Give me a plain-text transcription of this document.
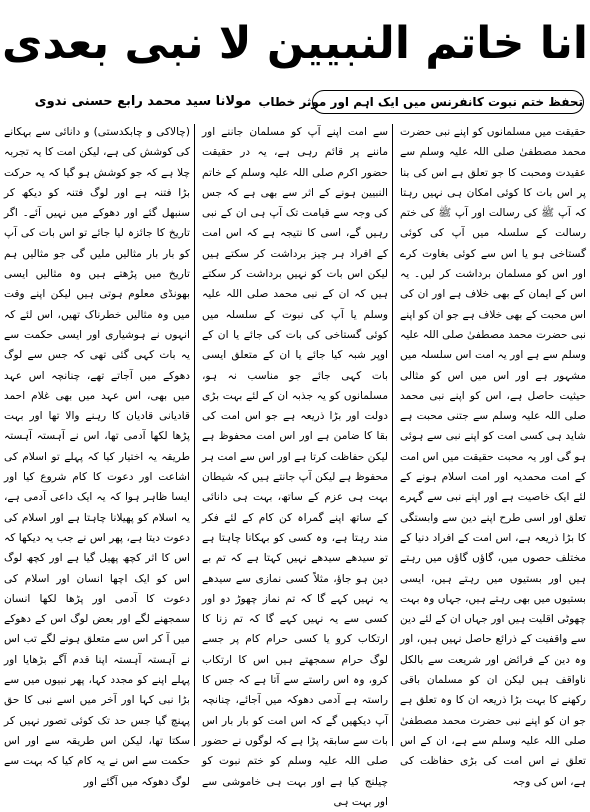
انا خاتم النبیین لا نبی بعدی
تحفظ ختم نبوت کانفرنس میں ایک اہم اور موثر خطاب
مولانا سید محمد رابع حسنی ندوی

حقیقت میں مسلمانوں کو اپنے نبی حضرت محمد مصطفیٰ صلی اللہ علیہ وسلم سے عقیدت ومحبت کا جو تعلق ہے اس کی بنا پر اس بات کا کوئی امکان ہی نہیں رہتا کہ آپ ﷺ کی رسالت اور آپ ﷺ کی ختم رسالت کے سلسلہ میں آپ کی کوئی گستاخی ہو یا اس سے کوئی بغاوت کرے اور اس کو مسلمان برداشت کر لیں۔ یہ اس کے ایمان کے بھی خلاف ہے اور ان کی اس محبت کے بھی خلاف ہے جو ان کو اپنے نبی حضرت محمد مصطفیٰ صلی اللہ علیہ وسلم سے ہے اور یہ امت اس سلسلہ میں مشہور ہے اور اس میں اس کو مثالی حیثیت حاصل ہے، اس کو اپنے نبی محمد صلی اللہ علیہ وسلم سے جتنی محبت ہے شاید ہی کسی امت کو اپنے نبی سے ہوئی ہو گی اور یہ محبت حقیقت میں اس امت کے امت محمدیہ اور امت اسلام ہونے کے لئے ایک خاصیت ہے اور اپنے نبی سے گہرے تعلق اور اسی طرح اپنے دین سے وابستگی کا بڑا ذریعہ ہے، اس امت کے افراد دنیا کے مختلف حصوں میں، گاؤں گاؤں میں رہتے ہیں اور بستیوں میں رہتے ہیں، ایسی بستیوں میں بھی رہتے ہیں، جہاں وہ بہت چھوٹی اقلیت ہیں اور جہاں ان کے لئے دین سے واقفیت کے ذرائع حاصل نہیں ہیں، اور وہ دین کے فرائض اور شریعت سے بالکل ناواقف ہیں لیکن ان کو مسلمان باقی رکھنے کا بہت بڑا ذریعہ ان کا وہ تعلق ہے جو ان کو اپنے نبی حضرت محمد مصطفیٰ صلی اللہ علیہ وسلم سے ہے، ان کے اس تعلق نے اس امت کی بڑی حفاظت کی ہے، اس کی وجہ

سے امت اپنے آپ کو مسلمان جاننے اور ماننے پر قائم رہی ہے، یہ در حقیقت حضور اکرم صلی اللہ علیہ وسلم کے خاتم النبیین ہونے کے اثر سے بھی ہے کہ جس کی وجہ سے قیامت تک آپ ہی ان کے نبی رہیں گے، اسی کا نتیجہ ہے کہ اس امت کے افراد ہر چیز برداشت کر سکتے ہیں لیکن اس بات کو نہیں برداشت کر سکتے ہیں کہ ان کے نبی محمد صلی اللہ علیہ وسلم یا آپ کی نبوت کے سلسلہ میں کوئی گستاخی کی بات کی جائے یا ان کے اوپر شبہ کیا جائے یا ان کے متعلق ایسی بات کہی جائے جو مناسب نہ ہو، مسلمانوں کو یہ جذبہ ان کے لئے بہت بڑی دولت اور بڑا ذریعہ ہے جو اس امت کی بقا کا ضامن ہے اور اس امت محفوظ ہے لیکن حفاظت کرتا ہے اور اس سے امت ہر محفوظ ہے لیکن آپ جانتے ہیں کہ شیطان بہت ہی عزم کے ساتھ، بہت ہی دانائی کے ساتھ اپنے گمراہ کن کام کے لئے فکر مند رہتا ہے، وہ کسی کو بہکانا چاہتا ہے تو سیدھے سیدھے نہیں کہتا ہے کہ تم بے دین ہو جاؤ، مثلاً کسی نمازی سے سیدھے یہ نہیں کہے گا کہ تم نماز چھوڑ دو اور کسی سے یہ نہیں کہے گا کہ تم زنا کا ارتکاب کرو یا کسی حرام کام پر جسے لوگ حرام سمجھتے ہیں اس کا ارتکاب کرو، وہ اس راستے سے آتا ہے کہ جس کا راستہ ہے آدمی دھوکہ میں آجائے، چنانچہ آپ دیکھیں گے کہ اس امت کو بار بار اس بات سے سابقہ پڑا ہے کہ لوگوں نے حضور صلی اللہ علیہ وسلم کو ختم نبوت کو چیلنج کیا ہے اور بہت ہی خاموشی سے اور بہت ہی

(چالاکی و چابکدستی) و دانائی سے بہکانے کی کوشش کی ہے، لیکن امت کا یہ تجربہ چلا ہے کہ جو کوشش ہو گیا کہ یہ حرکت بڑا فتنہ ہے اور لوگ فتنہ کو دیکھ کر سنبھل گئے اور دھوکے میں نہیں آئے۔ اگر تاریخ کا جائزہ لیا جائے تو اس بات کی آپ کو بار بار مثالیں ملیں گی جو مثالیں ہم تاریخ میں پڑھتے ہیں وہ مثالیں ایسی بھونڈی معلوم ہوتی ہیں لیکن اپنے وقت میں وہ مثالیں خطرناک تھیں، اس لئے کہ انہوں نے ہوشیاری اور ایسی حکمت سے یہ بات کہی گئی تھی کہ جس سے لوگ دھوکے میں آجاتے تھے، چنانچہ اس عہد میں بھی، اس عہد میں بھی غلام احمد قادیانی قادیان کا رہنے والا تھا اور بہت پڑھا لکھا آدمی تھا، اس نے آہستہ آہستہ طریقہ یہ اختیار کیا کہ پہلے تو اسلام کی اشاعت اور دعوت کا کام شروع کیا اور ایسا ظاہر ہوا کہ یہ ایک داعی آدمی ہے، یہ اسلام کو پھیلانا چاہتا ہے اور اسلام کی دعوت دیتا ہے، پھر اس نے جب یہ دیکھا کہ اس کا اثر کچھ پھیل گیا ہے اور کچھ لوگ اس کو ایک اچھا انسان اور اسلام کی دعوت کا آدمی اور پڑھا لکھا انسان سمجھنے لگے اور بعض لوگ اس کے دھوکے میں آ کر اس سے متعلق ہونے لگے تب اس نے آہستہ آہستہ اپنا قدم آگے بڑھایا اور پہلے اپنے کو مجدد کہا، پھر نبیوں میں سے بڑا نبی کہا اور آخر میں اسے نبی کا حق پہنچ گیا جس حد تک کوئی تصور نہیں کر سکتا تھا، لیکن اس طریقہ سے اور اس حکمت سے اس نے یہ کام کیا کہ بہت سے لوگ دھوکہ میں آگئے اور
